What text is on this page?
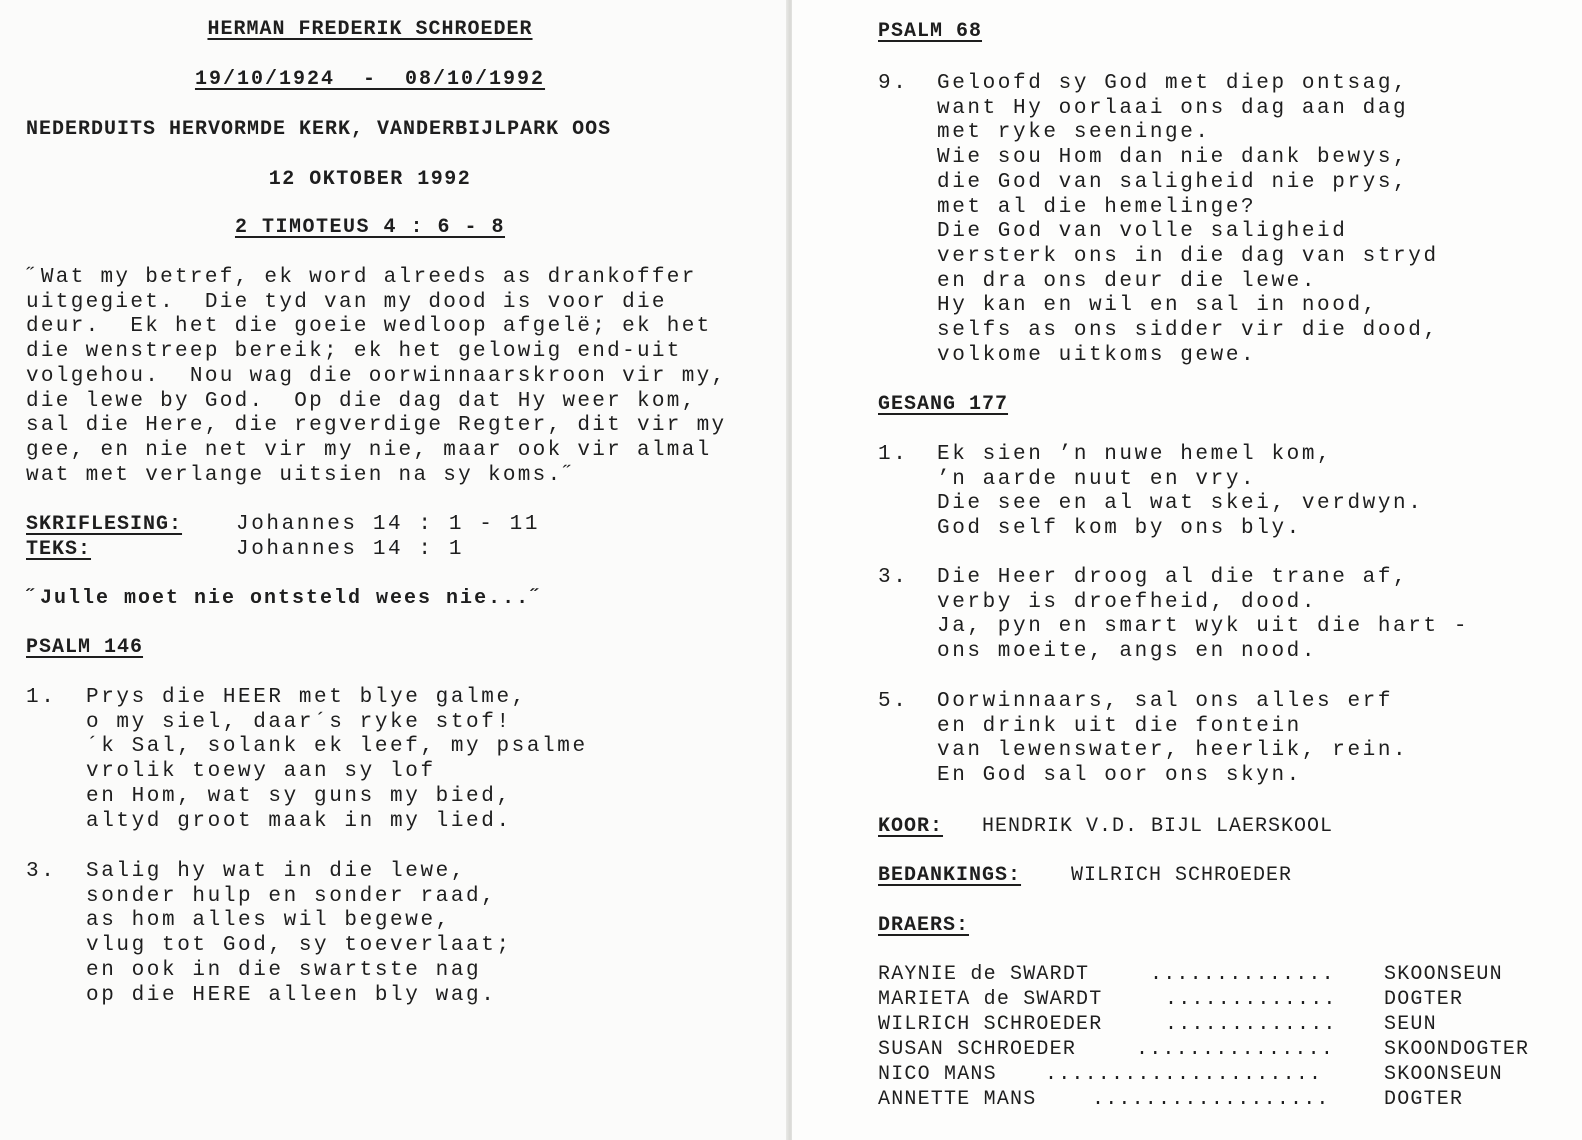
HERMAN FREDERIK SCHROEDER
19/10/1924  -  08/10/1992
NEDERDUITS HERVORMDE KERK, VANDERBIJLPARK OOS
12 OKTOBER 1992
2 TIMOTEUS 4 : 6 - 8
˝Wat my betref, ek word alreeds as drankoffer
uitgegiet.  Die tyd van my dood is voor die
deur.  Ek het die goeie wedloop afgelë; ek het
die wenstreep bereik; ek het gelowig end-uit
volgehou.  Nou wag die oorwinnaarskroon vir my,
die lewe by God.  Op die dag dat Hy weer kom,
sal die Here, die regverdige Regter, dit vir my
gee, en nie net vir my nie, maar ook vir almal
wat met verlange uitsien na sy koms.˝
SKRIFLESING:	Johannes 14 : 1 - 11
TEKS:	Johannes 14 : 1
˝Julle moet nie ontsteld wees nie...˝
PSALM 146
1. Prys die HEER met blye galme,
o my siel, daar´s ryke stof!
´k Sal, solank ek leef, my psalme
vrolik toewy aan sy lof
en Hom, wat sy guns my bied,
altyd groot maak in my lied.
3. Salig hy wat in die lewe,
sonder hulp en sonder raad,
as hom alles wil begewe,
vlug tot God, sy toeverlaat;
en ook in die swartste nag
op die HERE alleen bly wag.
PSALM 68
9. Geloofd sy God met diep ontsag,
want Hy oorlaai ons dag aan dag
met ryke seeninge.
Wie sou Hom dan nie dank bewys,
die God van saligheid nie prys,
met al die hemelinge?
Die God van volle saligheid
versterk ons in die dag van stryd
en dra ons deur die lewe.
Hy kan en wil en sal in nood,
selfs as ons sidder vir die dood,
volkome uitkoms gewe.
GESANG 177
1. Ek sien ’n nuwe hemel kom,
’n aarde nuut en vry.
Die see en al wat skei, verdwyn.
God self kom by ons bly.
3. Die Heer droog al die trane af,
verby is droefheid, dood.
Ja, pyn en smart wyk uit die hart -
ons moeite, angs en nood.
5. Oorwinnaars, sal ons alles erf
en drink uit die fontein
van lewenswater, heerlik, rein.
En God sal oor ons skyn.
KOOR: HENDRIK V.D. BIJL LAERSKOOL
BEDANKINGS: WILRICH SCHROEDER
DRAERS:
RAYNIE de SWARDT	.............. SKOONSEUN
MARIETA de SWARDT	............. DOGTER
WILRICH SCHROEDER	............. SEUN
SUSAN SCHROEDER	............... SKOONDOGTER
NICO MANS .....................	SKOONSEUN
ANNETTE MANS	..................	DOGTER
